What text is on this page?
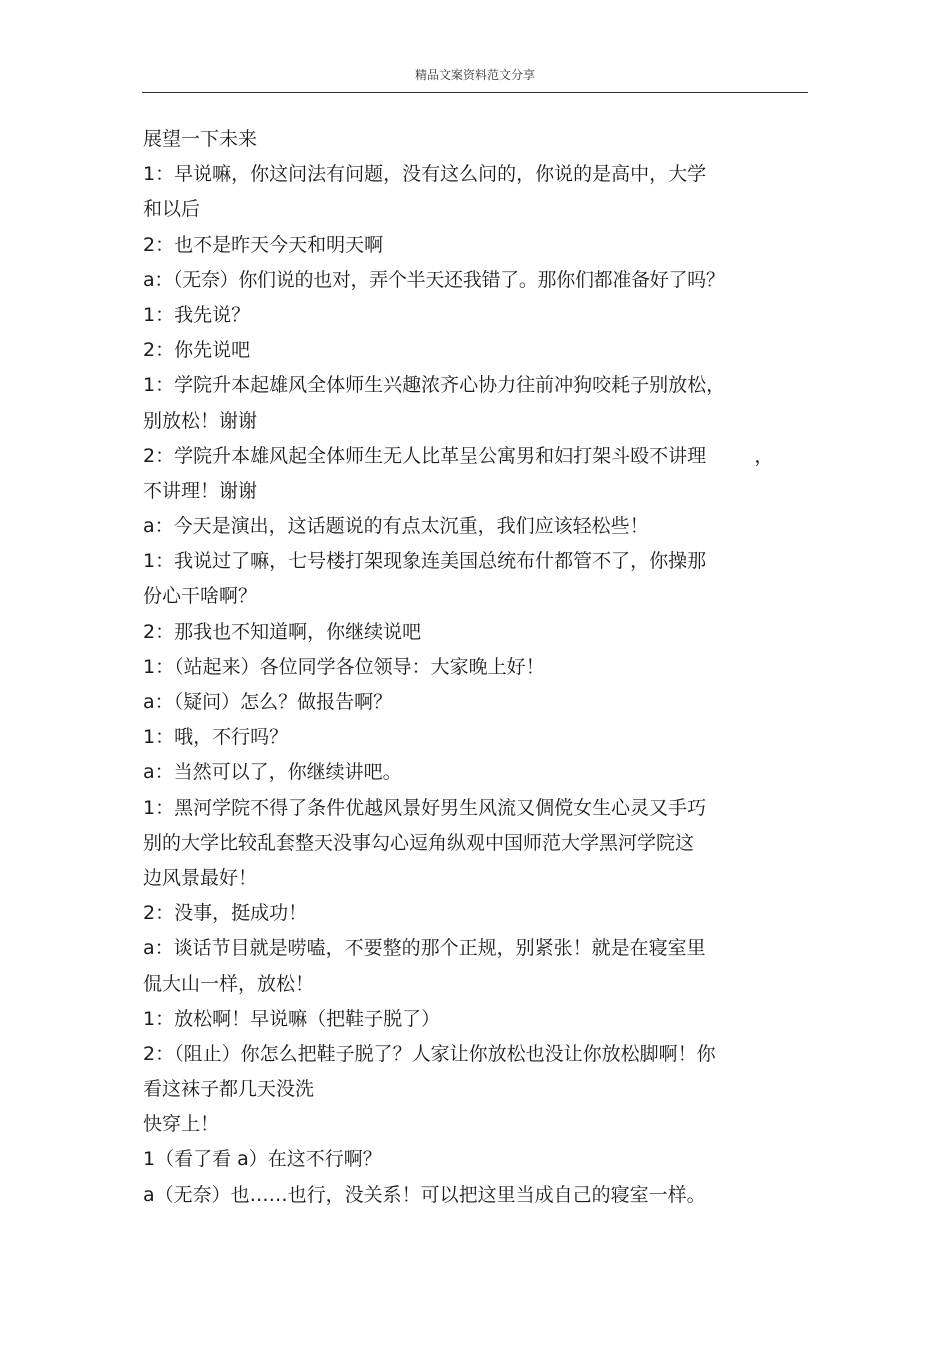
精品文案资料范文分享
展望一下未来
1：早说嘛，你这问法有问题，没有这么问的，你说的是高中，大学
和以后
2：也不是昨天今天和明天啊
a：（无奈）你们说的也对，弄个半天还我错了。那你们都准备好了吗？
1：我先说？
2：你先说吧
1：学院升本起雄风全体师生兴趣浓齐心协力往前冲狗咬耗子别放松，
别放松！谢谢
2：学院升本雄风起全体师生无人比革呈公寓男和妇打架斗殴不讲理        ，
不讲理！谢谢
a：今天是演出，这话题说的有点太沉重，我们应该轻松些！
1：我说过了嘛，七号楼打架现象连美国总统布什都管不了，你操那
份心干啥啊？
2：那我也不知道啊，你继续说吧
1：（站起来）各位同学各位领导：大家晚上好！
a：（疑问）怎么？做报告啊？
1：哦，不行吗？
a：当然可以了，你继续讲吧。
1：黑河学院不得了条件优越风景好男生风流又倜傥女生心灵又手巧
别的大学比较乱套整天没事勾心逗角纵观中国师范大学黑河学院这
边风景最好！
2：没事，挺成功！
a：谈话节目就是唠嗑，不要整的那个正规，别紧张！就是在寝室里
侃大山一样，放松！
1：放松啊！早说嘛（把鞋子脱了）
2：（阻止）你怎么把鞋子脱了？人家让你放松也没让你放松脚啊！你
看这袜子都几天没洗
快穿上！
1（看了看 a）在这不行啊？
a（无奈）也……也行，没关系！可以把这里当成自己的寝室一样。
